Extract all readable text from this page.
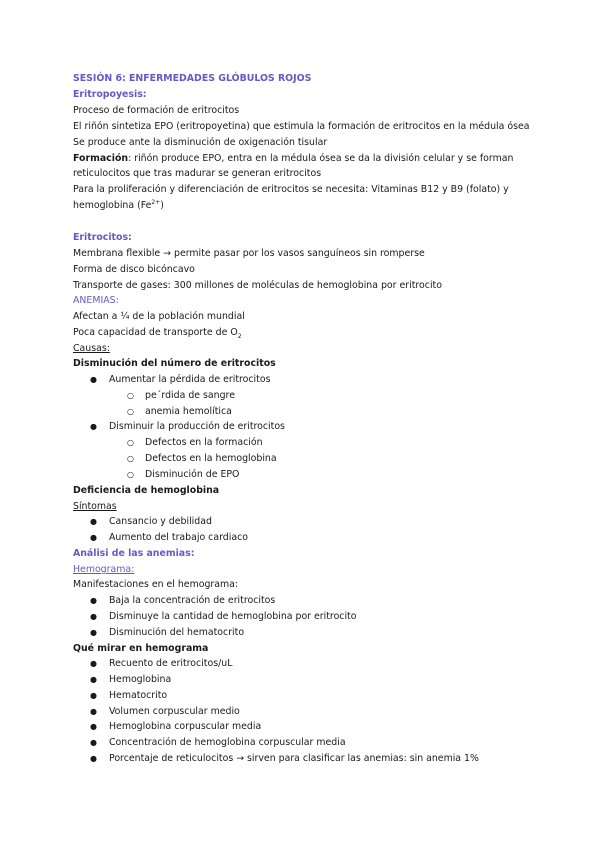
SESIÓN 6: ENFERMEDADES GLÓBULOS ROJOS
Eritropoyesis:
Proceso de formación de eritrocitos
El riñón sintetiza EPO (eritropoyetina) que estimula la formación de eritrocitos en la médula ósea
Se produce ante la disminución de oxigenación tisular
Formación: riñón produce EPO, entra en la médula ósea se da la división celular y se forman
reticulocitos que tras madurar se generan eritrocitos
Para la proliferación y diferenciación de eritrocitos se necesita: Vitaminas B12 y B9 (folato) y
hemoglobina $(Fe^{2+})$
Eritrocitos:
Membrana flexible → permite pasar por los vasos sanguíneos sin romperse
Forma de disco bicóncavo
Transporte de gases: 300 millones de moléculas de hemoglobina por eritrocito
ANEMIAS:
Afectan a ¼ de la población mundial
Poca capacidad de transporte de $O_2$
Causas:
Disminución del número de eritrocitos
● Aumentar la pérdida de eritrocitos
○ pe´rdida de sangre
○ anemia hemolítica
● Disminuir la producción de eritrocitos
○ Defectos en la formación
○ Defectos en la hemoglobina
○ Disminución de EPO
Deficiencia de hemoglobina
Síntomas
● Cansancio y debilidad
● Aumento del trabajo cardiaco
Análisi de las anemias:
Hemograma:
Manifestaciones en el hemograma:
● Baja la concentración de eritrocitos
● Disminuye la cantidad de hemoglobina por eritrocito
● Disminución del hematocrito
Qué mirar en hemograma
● Recuento de eritrocitos/uL
● Hemoglobina
● Hematocrito
● Volumen corpuscular medio
● Hemoglobina corpuscular media
● Concentración de hemoglobina corpuscular media
● Porcentaje de reticulocitos → sirven para clasificar las anemias: sin anemia 1%
